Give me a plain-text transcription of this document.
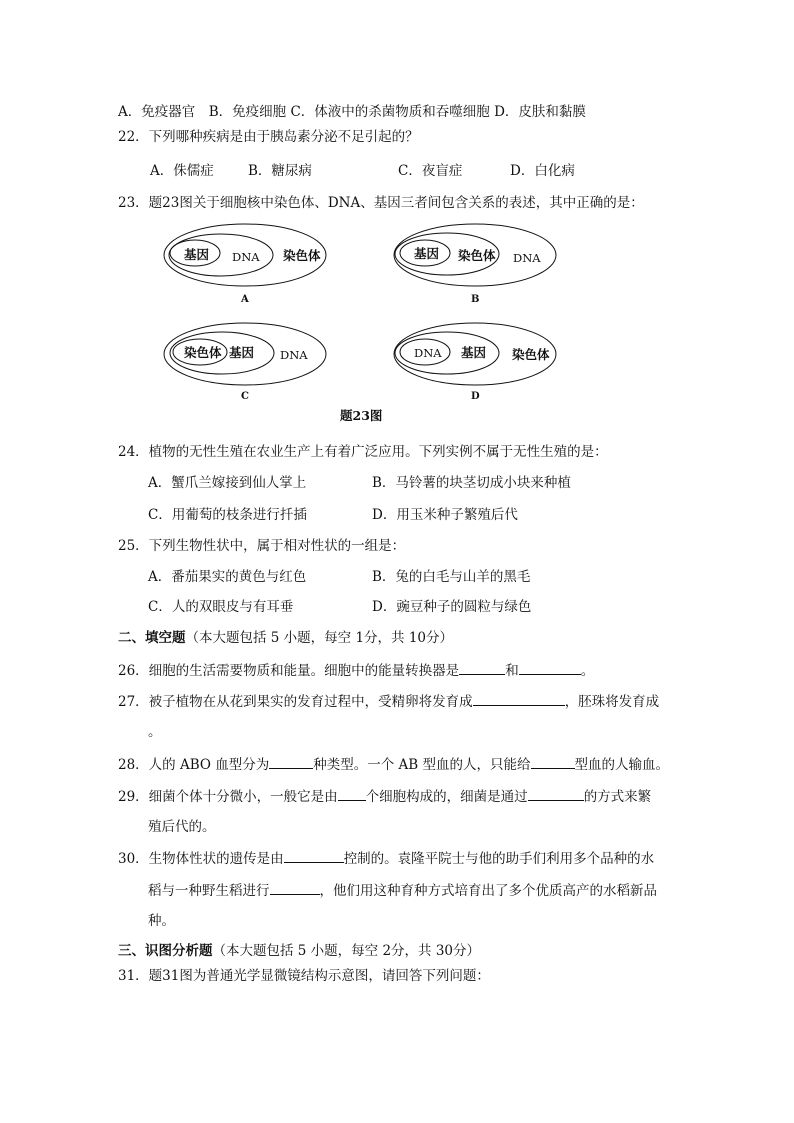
A．免疫器官　B．免疫细胞 C．体液中的杀菌物质和吞噬细胞 D．皮肤和黏膜
22．下列哪种疾病是由于胰岛素分泌不足引起的？
A．侏儒症	B．糖尿病	C．夜盲症	D．白化病
23．题23图关于细胞核中染色体、DNA、基因三者间包含关系的表述，其中正确的是：
基因 DNA 染色体
A
基因 染色体 DNA
B
染色体 基因 DNA
C
DNA 基因 染色体
D
题23图
24．植物的无性生殖在农业生产上有着广泛应用。下列实例不属于无性生殖的是：
A．蟹爪兰嫁接到仙人掌上	B．马铃薯的块茎切成小块来种植
C．用葡萄的枝条进行扦插	D．用玉米种子繁殖后代
25．下列生物性状中，属于相对性状的一组是：
A．番茄果实的黄色与红色	B．兔的白毛与山羊的黑毛
C．人的双眼皮与有耳垂	D．豌豆种子的圆粒与绿色
二、填空题（本大题包括 5 小题，每空 1分，共 10分）
26．细胞的生活需要物质和能量。细胞中的能量转换器是	和	。
27．被子植物在从花到果实的发育过程中，受精卵将发育成	，胚珠将发育成
。
28．人的 ABO 血型分为	种类型。一个 AB 型血的人，只能给	型血的人输血。
29．细菌个体十分微小，一般它是由 个细胞构成的，细菌是通过	的方式来繁
殖后代的。
30．生物体性状的遗传是由	控制的。袁隆平院士与他的助手们利用多个品种的水
稻与一种野生稻进行	，他们用这种育种方式培育出了多个优质高产的水稻新品
种。
三、识图分析题（本大题包括 5 小题，每空 2分，共 30分）
31．题31图为普通光学显微镜结构示意图，请回答下列问题：
